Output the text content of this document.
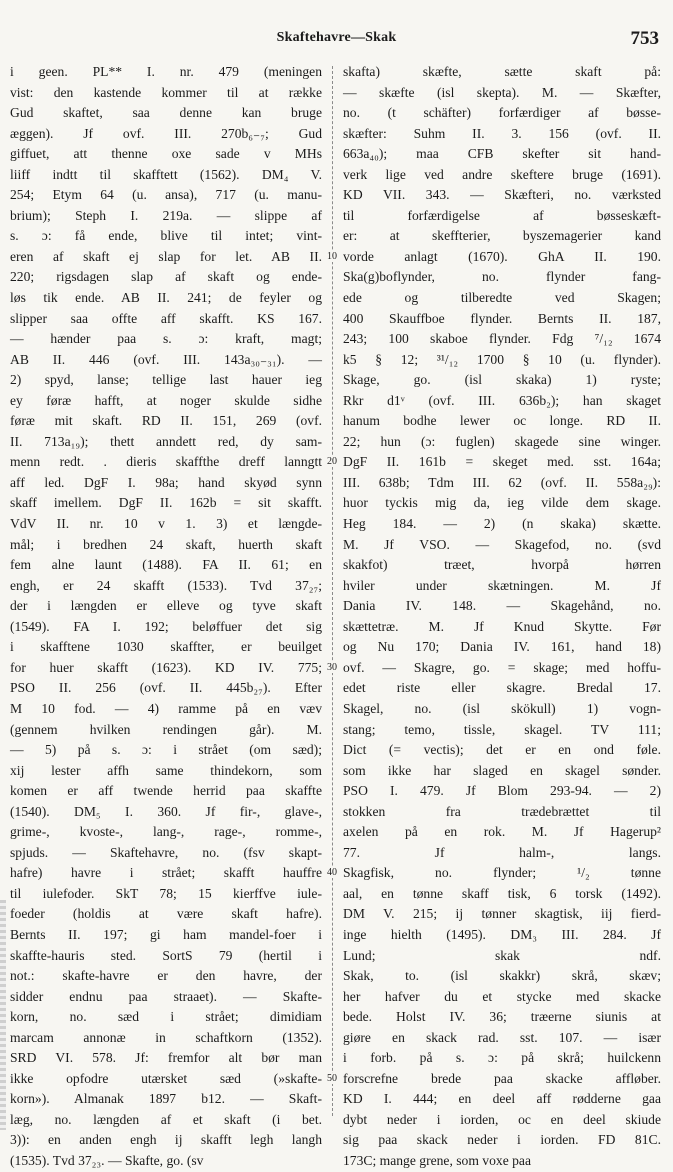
Skaftehavre—Skak	753
i geen. PL** I. nr. 479 (meningen
vist: den kastende kommer til at række
Gud skaftet, saa denne kan bruge
æggen). Jf ovf. III. 270b₆₋₇; Gud
giffuet, att thenne oxe sade v MHs
liiff indtt til skafftett (1562). DM₄ V.
254; Etym 64 (u. ansa), 717 (u. manu-
brium); Steph I. 219a. — slippe af
s. ɔ: få ende, blive til intet; vint-
eren af skaft ej slap for let. AB II.
220; rigsdagen slap af skaft og ende-
løs tik ende. AB II. 241; de feyler og
slipper saa offte aff skafft. KS 167.
— hænder paa s. ɔ: kraft, magt;
AB II. 446 (ovf. III. 143a₃₀₋₃₁). —
2) spyd, lanse; tellige last hauer ieg
ey føræ hafft, at noger skulde sidhe
føræ mit skaft. RD II. 151, 269 (ovf.
II. 713a₁₉); thett anndett red, dy sam-
menn redt. . dieris skaffthe dreff lanngtt
aff led. DgF I. 98a; hand skyød synn
skaff imellem. DgF II. 162b = sit skafft.
VdV II. nr. 10 v 1. 3) et længde-
mål; i bredhen 24 skaft, huerth skaft
fem alne launt (1488). FA II. 61; en
engh, er 24 skafft (1533). Tvd 37₂₇;
der i længden er elleve og tyve skaft
(1549). FA I. 192; beløffuer det sig
i skafftene 1030 skaffter, er beuilget
for huer skafft (1623). KD IV. 775;
PSO II. 256 (ovf. II. 445b₂₇). Efter
M 10 fod. — 4) ramme på en væv
(gennem hvilken rendingen går). M.
— 5) på s. ɔ: i strået (om sæd);
xij lester affh same thindekorn, som
komen er aff twende herrid paa skaffte
(1540). DM₅ I. 360. Jf fir-, glave-,
grime-, kvoste-, lang-, rage-, romme-,
spjuds. — Skaftehavre, no. (fsv skapt-
hafre) havre i strået; skafft hauffre
til iulefoder. SkT 78; 15 kierffve iule-
foeder (holdis at være skaft hafre).
Bernts II. 197; gi ham mandel-foer i
skaffte-hauris sted. SortS 79 (hertil i
not.: skafte-havre er den havre, der
sidder endnu paa straaet). — Skafte-
korn, no. sæd i strået; dimidiam
marcam annonæ in schaftkorn (1352).
SRD VI. 578. Jf: fremfor alt bør man
ikke opfodre utærsket sæd (»skafte-
korn»). Almanak 1897 b12. — Skaft-
læg, no. længden af et skaft (i bet.
3)): en anden engh ij skafft legh langh
(1535). Tvd 37₂₃. — Skafte, go. (sv
skafta) skæfte, sætte skaft på:
— skæfte (isl skepta). M. — Skæfter,
no. (t schäfter) forfærdiger af bøsse-
skæfter: Suhm II. 3. 156 (ovf. II.
663a₄₀); maa CFB skefter sit hand-
verk lige ved andre skeftere bruge (1691).
KD VII. 343. — Skæfteri, no. værksted
til forfærdigelse af bøsseskæft-
er: at skeffterier, byszemagerier kand
vorde anlagt (1670). GhA II. 190.
Ska(g)boflynder, no. flynder fang-
ede og tilberedte ved Skagen;
400 Skauffboe flynder. Bernts II. 187,
243; 100 skaboe flynder. Fdg ⁷/₁₂ 1674
k5 § 12; ³¹/₁₂ 1700 § 10 (u. flynder).
Skage, go. (isl skaka) 1) ryste;
Rkr d1ᵛ (ovf. III. 636b₂); han skaget
hanum bodhe lewer oc longe. RD II.
22; hun (ɔ: fuglen) skagede sine winger.
DgF II. 161b = skeget med. sst. 164a;
III. 638b; Tdm III. 62 (ovf. II. 558a₂₉):
huor tyckis mig da, ieg vilde dem skage.
Heg 184. — 2) (n skaka) skætte.
M. Jf VSO. — Skagefod, no. (svd
skakfot) træet, hvorpå hørren
hviler under skætningen. M. Jf
Dania IV. 148. — Skagehånd, no.
skættetræ. M. Jf Knud Skytte. Før
og Nu 170; Dania IV. 161, hand 18)
ovf. — Skagre, go. = skage; med hoffu-
edet riste eller skagre. Bredal 17.
Skagel, no. (isl skökull) 1) vogn-
stang; temo, tissle, skagel. TV 111;
Dict (= vectis); det er en ond føle.
som ikke har slaged en skagel sønder.
PSO I. 479. Jf Blom 293-94. — 2)
stokken fra trædebrættet til
axelen på en rok. M. Jf Hagerup²
77. Jf halm-, langs.
Skagfisk, no. flynder; ¹/₂ tønne
aal, en tønne skaff tisk, 6 torsk (1492).
DM V. 215; ij tønner skagtisk, iij fierd-
inge hielth (1495). DM₃ III. 284. Jf
Lund; skak ndf.
Skak, to. (isl skakkr) skrå, skæv;
her hafver du et stycke med skacke
bede. Holst IV. 36; træerne siunis at
giøre en skack rad. sst. 107. — især
i forb. på s. ɔ: på skrå; huilckenn
forscrefne brede paa skacke affløber.
KD I. 444; en deel aff rødderne gaa
dybt neder i iorden, oc en deel skiude
sig paa skack neder i iorden. FD 81C.
173C; mange grene, som voxe paa
10
20
30
40
50
